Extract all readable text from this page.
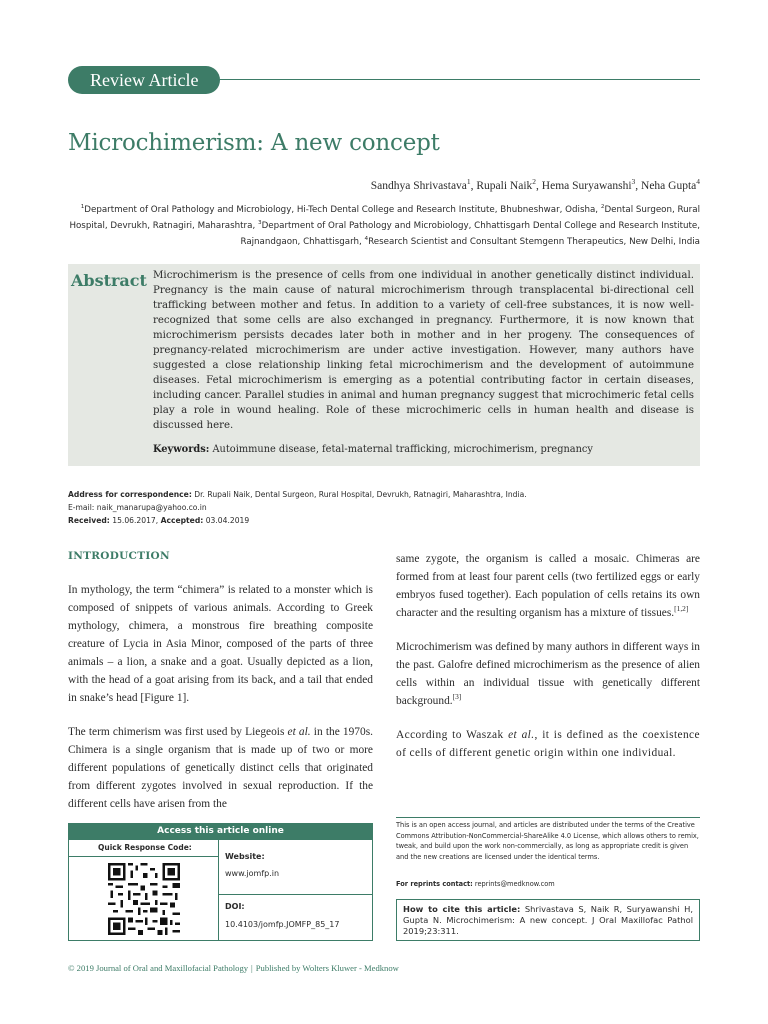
Review Article
Microchimerism: A new concept
Sandhya Shrivastava$^1$, Rupali Naik$^2$, Hema Suryawanshi$^3$, Neha Gupta$^4$
$^1$Department of Oral Pathology and Microbiology, Hi-Tech Dental College and Research Institute, Bhubneshwar, Odisha, $^2$Dental Surgeon, Rural Hospital, Devrukh, Ratnagiri, Maharashtra, $^3$Department of Oral Pathology and Microbiology, Chhattisgarh Dental College and Research Institute, Rajnandgaon, Chhattisgarh, $^4$Research Scientist and Consultant Stemgenn Therapeutics, New Delhi, India
Abstract Microchimerism is the presence of cells from one individual in another genetically distinct individual. Pregnancy is the main cause of natural microchimerism through transplacental bi-directional cell trafficking between mother and fetus. In addition to a variety of cell-free substances, it is now well-recognized that some cells are also exchanged in pregnancy. Furthermore, it is now known that microchimerism persists decades later both in mother and in her progeny. The consequences of pregnancy-related microchimerism are under active investigation. However, many authors have suggested a close relationship linking fetal microchimerism and the development of autoimmune diseases. Fetal microchimerism is emerging as a potential contributing factor in certain diseases, including cancer. Parallel studies in animal and human pregnancy suggest that microchimeric fetal cells play a role in wound healing. Role of these microchimeric cells in human health and disease is discussed here.
Keywords: Autoimmune disease, fetal-maternal trafficking, microchimerism, pregnancy
Address for correspondence: Dr. Rupali Naik, Dental Surgeon, Rural Hospital, Devrukh, Ratnagiri, Maharashtra, India.
E-mail: naik_manarupa@yahoo.co.in
Received: 15.06.2017, Accepted: 03.04.2019
INTRODUCTION

In mythology, the term “chimera” is related to a monster which is composed of snippets of various animals. According to Greek mythology, chimera, a monstrous fire breathing composite creature of Lycia in Asia Minor, composed of the parts of three animals – a lion, a snake and a goat. Usually depicted as a lion, with the head of a goat arising from its back, and a tail that ended in snake’s head [Figure 1].

The term chimerism was first used by Liegeois et al. in the 1970s. Chimera is a single organism that is made up of two or more different populations of genetically distinct cells that originated from different zygotes involved in sexual reproduction. If the different cells have arisen from the

same zygote, the organism is called a mosaic. Chimeras are formed from at least four parent cells (two fertilized eggs or early embryos fused together). Each population of cells retains its own character and the resulting organism has a mixture of tissues.[1,2]

Microchimerism was defined by many authors in different ways in the past. Galofre defined microchimerism as the presence of alien cells within an individual tissue with genetically different background.[3]

According to Waszak et al., it is defined as the coexistence of cells of different genetic origin within one individual.

Access this article online
Quick Response Code:
Website:
www.jomfp.in
DOI:
10.4103/jomfp.JOMFP_85_17
This is an open access journal, and articles are distributed under the terms of the Creative Commons Attribution-NonCommercial-ShareAlike 4.0 License, which allows others to remix, tweak, and build upon the work non-commercially, as long as appropriate credit is given and the new creations are licensed under the identical terms.
For reprints contact: reprints@medknow.com
How to cite this article: Shrivastava S, Naik R, Suryawanshi H, Gupta N. Microchimerism: A new concept. J Oral Maxillofac Pathol 2019;23:311.
© 2019 Journal of Oral and Maxillofacial Pathology | Published by Wolters Kluwer - Medknow
